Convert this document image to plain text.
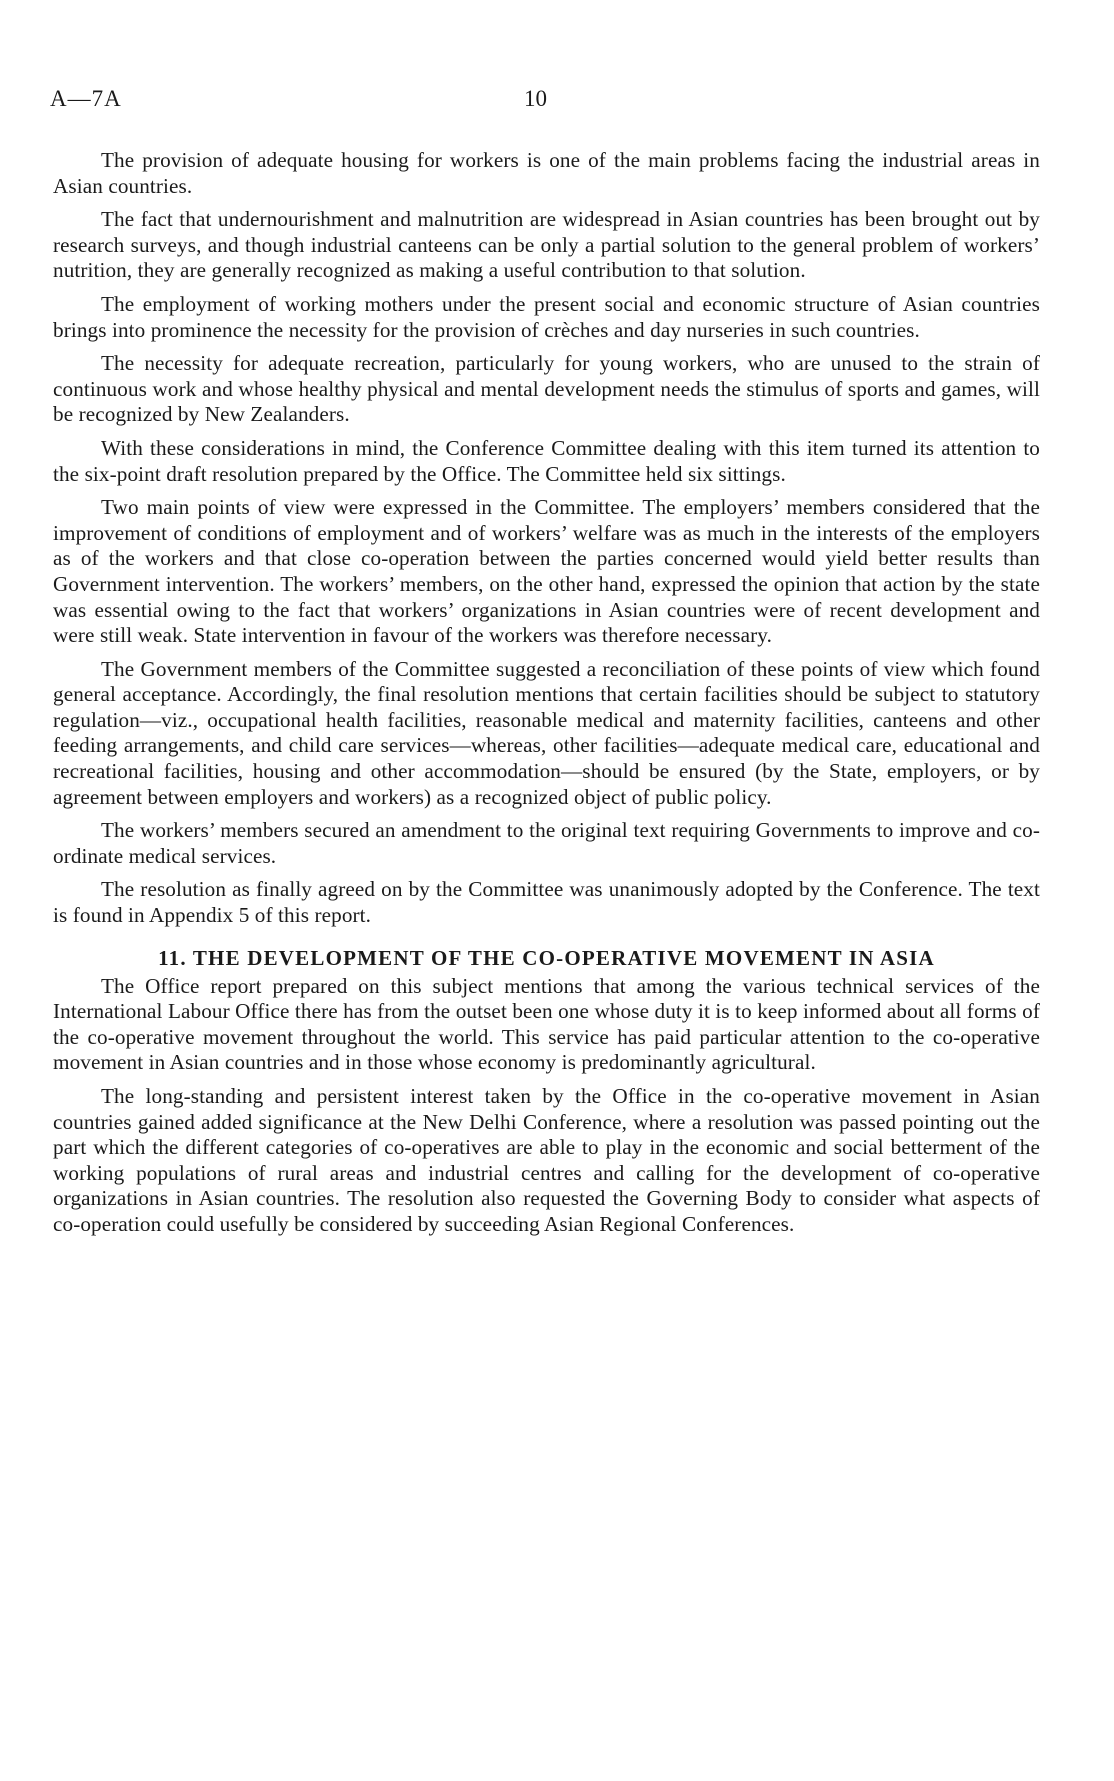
A—7A	10

The provision of adequate housing for workers is one of the main problems facing the industrial areas in Asian countries.

The fact that undernourishment and malnutrition are widespread in Asian countries has been brought out by research surveys, and though industrial canteens can be only a partial solution to the general problem of workers’ nutrition, they are generally recognized as making a useful contribution to that solution.

The employment of working mothers under the present social and economic structure of Asian countries brings into prominence the necessity for the provision of crèches and day nurseries in such countries.

The necessity for adequate recreation, particularly for young workers, who are unused to the strain of continuous work and whose healthy physical and mental development needs the stimulus of sports and games, will be recognized by New Zealanders.

With these considerations in mind, the Conference Committee dealing with this item turned its attention to the six-point draft resolution prepared by the Office. The Committee held six sittings.

Two main points of view were expressed in the Committee. The employers’ members considered that the improvement of conditions of employment and of workers’ welfare was as much in the interests of the employers as of the workers and that close co-operation between the parties concerned would yield better results than Government intervention. The workers’ members, on the other hand, expressed the opinion that action by the state was essential owing to the fact that workers’ organizations in Asian countries were of recent development and were still weak. State intervention in favour of the workers was therefore necessary.

The Government members of the Committee suggested a reconciliation of these points of view which found general acceptance. Accordingly, the final resolution mentions that certain facilities should be subject to statutory regulation—viz., occupational health facilities, reasonable medical and maternity facilities, canteens and other feeding arrangements, and child care services—whereas, other facilities—adequate medical care, educational and recreational facilities, housing and other accommodation—should be ensured (by the State, employers, or by agreement between employers and workers) as a recognized object of public policy.

The workers’ members secured an amendment to the original text requiring Governments to improve and co-ordinate medical services.

The resolution as finally agreed on by the Committee was unanimously adopted by the Conference. The text is found in Appendix 5 of this report.

11. THE DEVELOPMENT OF THE CO-OPERATIVE MOVEMENT IN ASIA

The Office report prepared on this subject mentions that among the various technical services of the International Labour Office there has from the outset been one whose duty it is to keep informed about all forms of the co-operative movement throughout the world. This service has paid particular attention to the co-operative movement in Asian countries and in those whose economy is predominantly agricultural.

The long-standing and persistent interest taken by the Office in the co-operative movement in Asian countries gained added significance at the New Delhi Conference, where a resolution was passed pointing out the part which the different categories of co-operatives are able to play in the economic and social betterment of the working populations of rural areas and industrial centres and calling for the development of co-operative organizations in Asian countries. The resolution also requested the Governing Body to consider what aspects of co-operation could usefully be considered by succeeding Asian Regional Conferences.
